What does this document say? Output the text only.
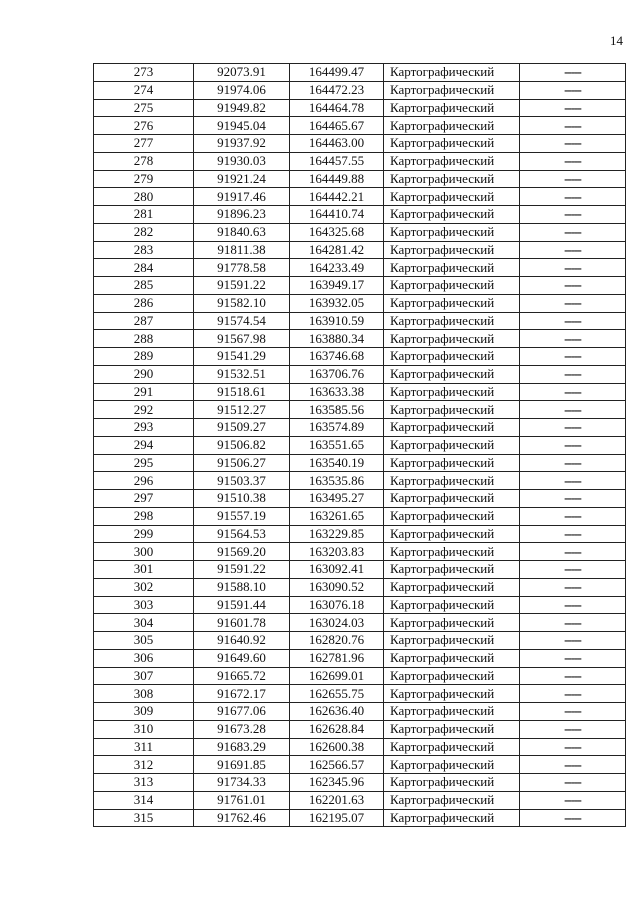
14
273	92073.91	164499.47	Картографический	-----
274	91974.06	164472.23	Картографический	-----
275	91949.82	164464.78	Картографический	-----
276	91945.04	164465.67	Картографический	-----
277	91937.92	164463.00	Картографический	-----
278	91930.03	164457.55	Картографический	-----
279	91921.24	164449.88	Картографический	-----
280	91917.46	164442.21	Картографический	-----
281	91896.23	164410.74	Картографический	-----
282	91840.63	164325.68	Картографический	-----
283	91811.38	164281.42	Картографический	-----
284	91778.58	164233.49	Картографический	-----
285	91591.22	163949.17	Картографический	-----
286	91582.10	163932.05	Картографический	-----
287	91574.54	163910.59	Картографический	-----
288	91567.98	163880.34	Картографический	-----
289	91541.29	163746.68	Картографический	-----
290	91532.51	163706.76	Картографический	-----
291	91518.61	163633.38	Картографический	-----
292	91512.27	163585.56	Картографический	-----
293	91509.27	163574.89	Картографический	-----
294	91506.82	163551.65	Картографический	-----
295	91506.27	163540.19	Картографический	-----
296	91503.37	163535.86	Картографический	-----
297	91510.38	163495.27	Картографический	-----
298	91557.19	163261.65	Картографический	-----
299	91564.53	163229.85	Картографический	-----
300	91569.20	163203.83	Картографический	-----
301	91591.22	163092.41	Картографический	-----
302	91588.10	163090.52	Картографический	-----
303	91591.44	163076.18	Картографический	-----
304	91601.78	163024.03	Картографический	-----
305	91640.92	162820.76	Картографический	-----
306	91649.60	162781.96	Картографический	-----
307	91665.72	162699.01	Картографический	-----
308	91672.17	162655.75	Картографический	-----
309	91677.06	162636.40	Картографический	-----
310	91673.28	162628.84	Картографический	-----
311	91683.29	162600.38	Картографический	-----
312	91691.85	162566.57	Картографический	-----
313	91734.33	162345.96	Картографический	-----
314	91761.01	162201.63	Картографический	-----
315	91762.46	162195.07	Картографический	-----
